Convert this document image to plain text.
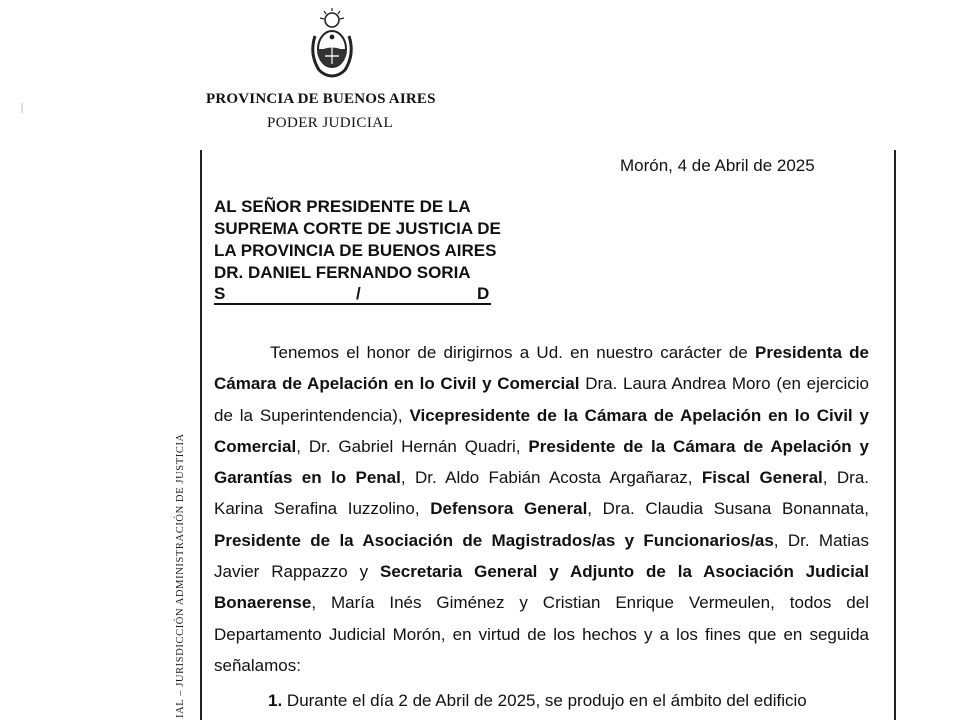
PROVINCIA DE BUENOS AIRES
PODER JUDICIAL
IAL – JURISDICCIÓN ADMINISTRACIÓN DE JUSTICIA
Morón, 4 de Abril de 2025
AL SEÑOR PRESIDENTE DE LA
SUPREMA CORTE DE JUSTICIA DE
LA PROVINCIA DE BUENOS AIRES
DR. DANIEL FERNANDO SORIA
S	/	D

Tenemos el honor de dirigirnos a Ud. en nuestro carácter de Presidenta de Cámara de Apelación en lo Civil y Comercial Dra. Laura Andrea Moro (en ejercicio de la Superintendencia), Vicepresidente de la Cámara de Apelación en lo Civil y Comercial, Dr. Gabriel Hernán Quadri, Presidente de la Cámara de Apelación y Garantías en lo Penal, Dr. Aldo Fabián Acosta Argañaraz, Fiscal General, Dra. Karina Serafina Iuzzolino, Defensora General, Dra. Claudia Susana Bonannata, Presidente de la Asociación de Magistrados/as y Funcionarios/as, Dr. Matias Javier Rappazzo y Secretaria General y Adjunto de la Asociación Judicial Bonaerense, María Inés Giménez y Cristian Enrique Vermeulen, todos del Departamento Judicial Morón, en virtud de los hechos y a los fines que en seguida señalamos:

1. Durante el día 2 de Abril de 2025, se produjo en el ámbito del edificio
